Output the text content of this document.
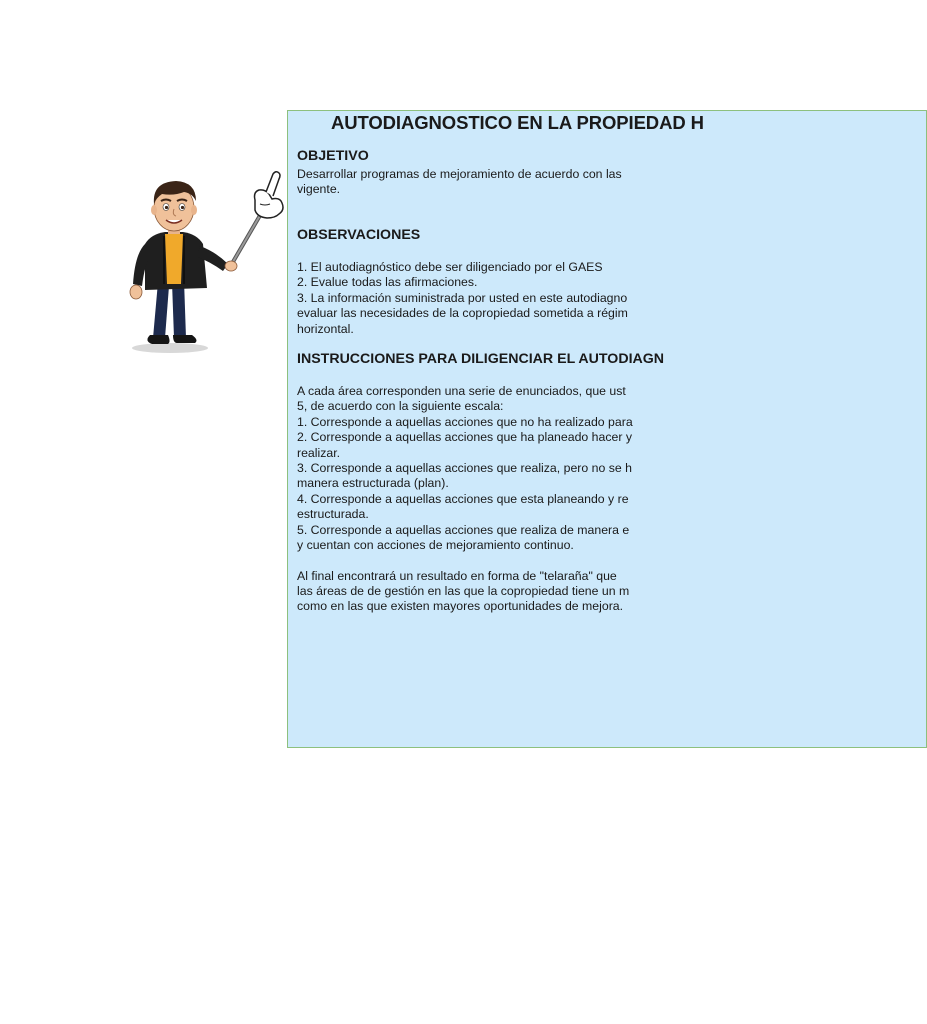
AUTODIAGNOSTICO EN LA PROPIEDAD H
OBJETIVO
Desarrollar programas de mejoramiento de acuerdo con las
vigente.
OBSERVACIONES
1. El autodiagnóstico debe ser diligenciado por el GAES
2. Evalue todas las afirmaciones.
3. La información suministrada por usted en este autodiagno
evaluar las necesidades de la copropiedad sometida a régim
horizontal.
INSTRUCCIONES PARA DILIGENCIAR EL AUTODIAGN
A cada área corresponden una serie de enunciados, que ust
5, de acuerdo con la siguiente escala:
1. Corresponde a aquellas acciones que no ha realizado para
2. Corresponde a aquellas acciones que ha planeado hacer y
realizar.
3. Corresponde a aquellas acciones que realiza, pero no se h
manera estructurada (plan).
4. Corresponde a aquellas acciones que esta planeando y re
estructurada.
5. Corresponde a aquellas acciones que realiza de manera e
y cuentan con acciones de mejoramiento continuo.
Al final encontrará un resultado en forma de "telaraña" que
las áreas de de gestión en las que la copropiedad tiene un m
como en las que existen mayores oportunidades de mejora.
